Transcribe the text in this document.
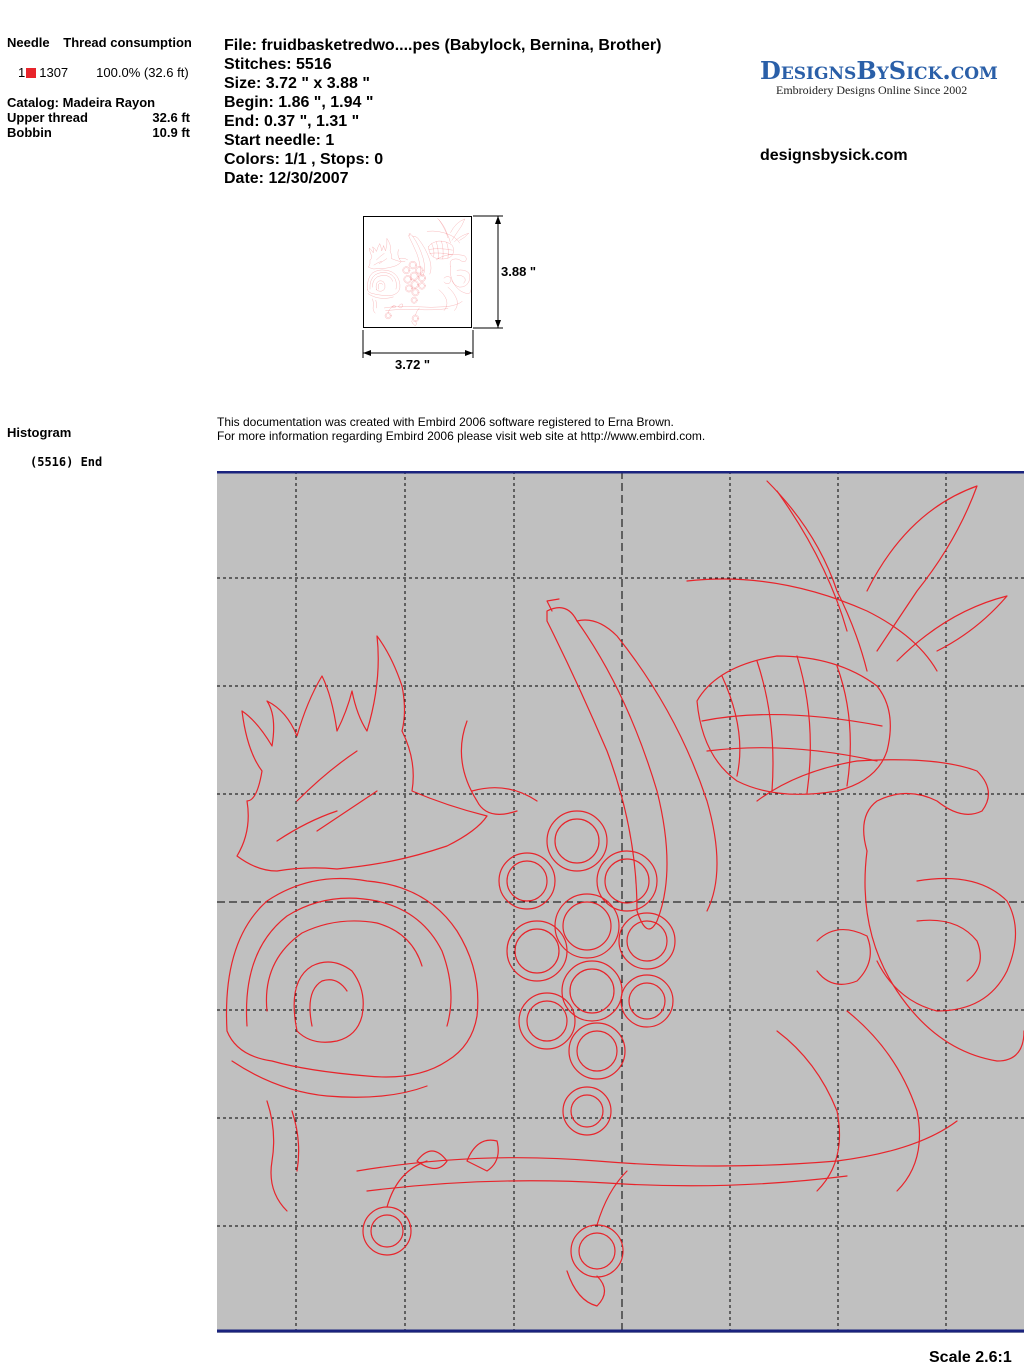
Needle Thread consumption
1 1307 100.0% (32.6 ft)
Catalog: Madeira Rayon
Upper thread	32.6 ft
Bobbin	10.9 ft
Histogram
(5516) End
File: fruidbasketredwo....pes (Babylock, Bernina, Brother)
Stitches: 5516
Size: 3.72 " x 3.88 "
Begin: 1.86 ", 1.94 "
End: 0.37 ", 1.31 "
Start needle: 1
Colors: 1/1 , Stops: 0
Date: 12/30/2007
DesignsBySick.com
Embroidery Designs Online Since 2002
designsbysick.com
3.72 "
3.88 "
This documentation was created with Embird 2006 software registered to Erna Brown.
For more information regarding Embird 2006 please visit web site at http://www.embird.com.
Scale 2.6:1
